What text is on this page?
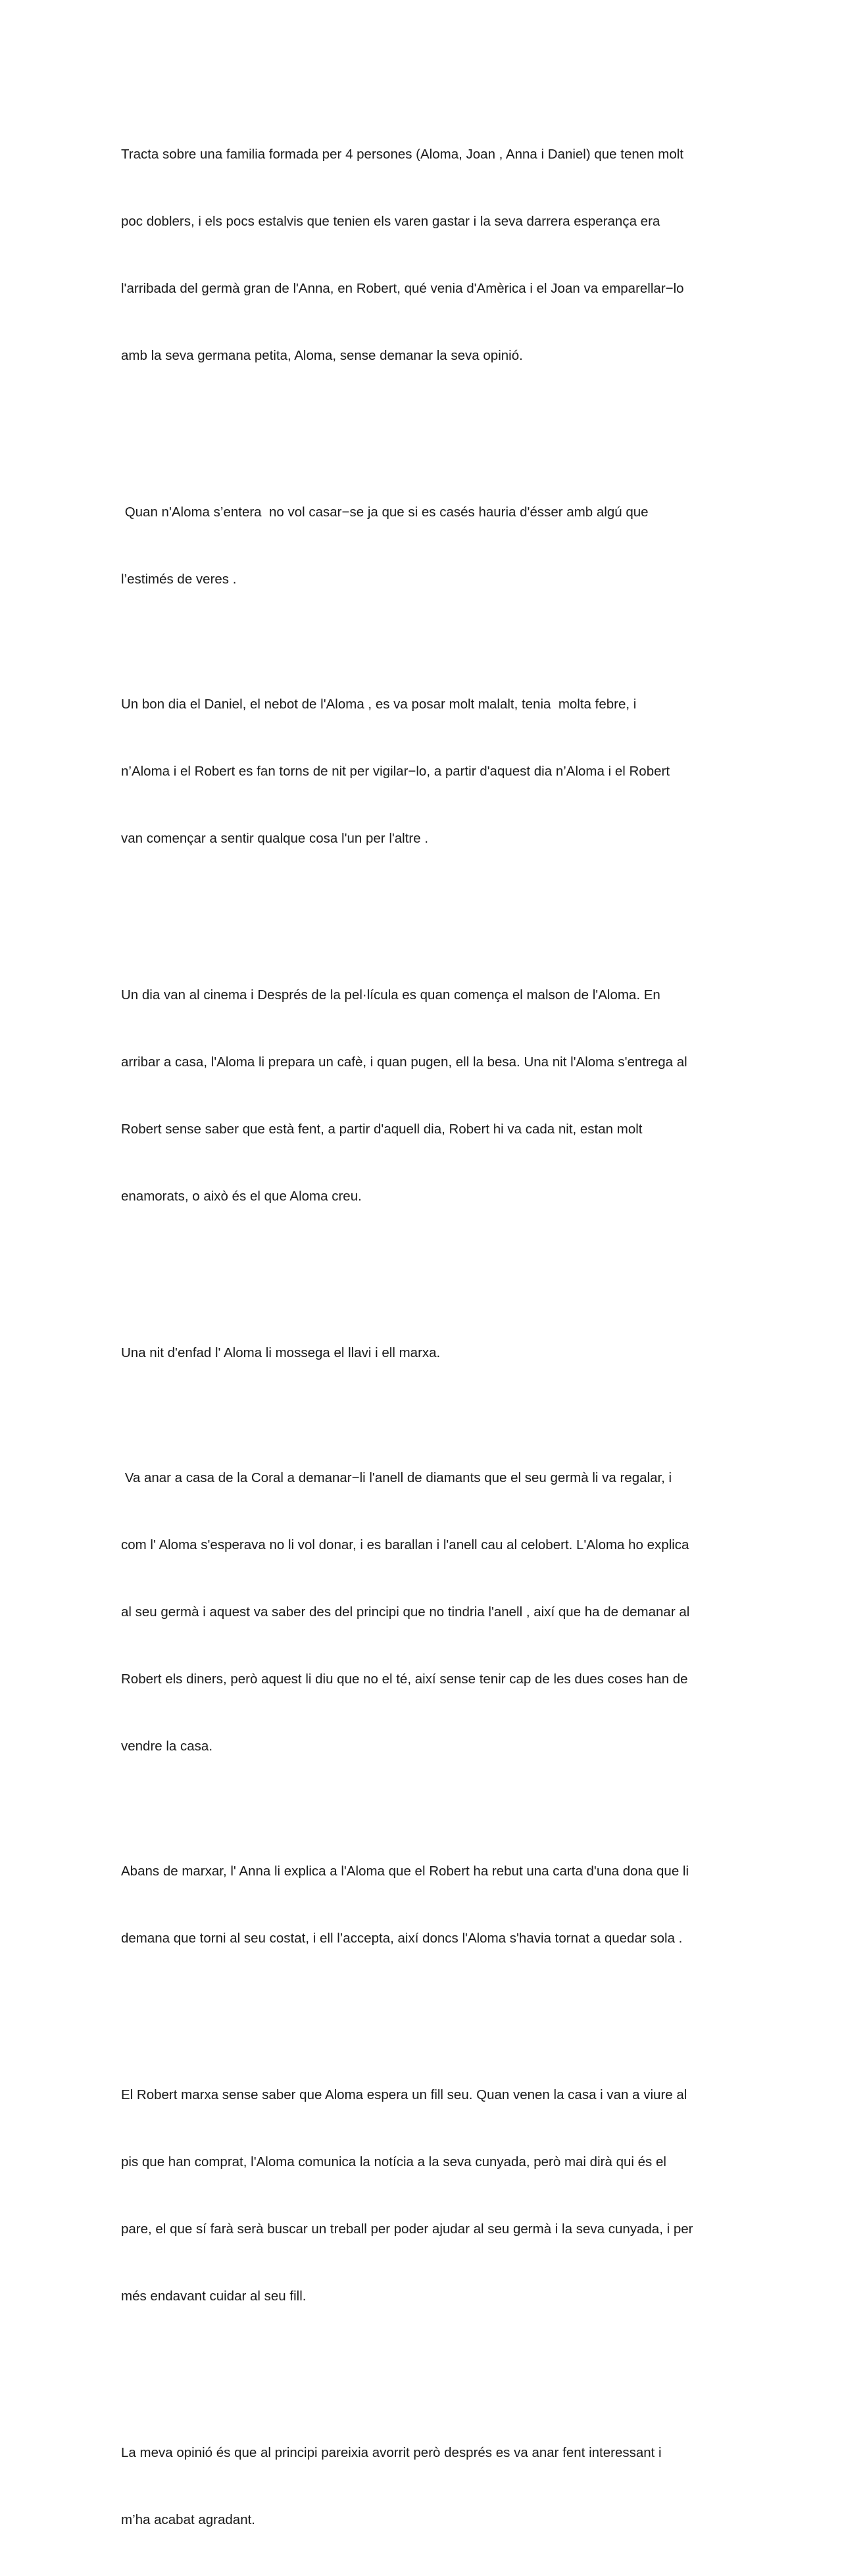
Tracta sobre una familia formada per 4 persones (Aloma, Joan , Anna i Daniel) que tenen molt

poc doblers, i els pocs estalvis que tenien els varen gastar i la seva darrera esperança era

l'arribada del germà gran de l'Anna, en Robert, qué venia d'Amèrica i el Joan va emparellar−lo

amb la seva germana petita, Aloma, sense demanar la seva opinió.

Quan n'Aloma s’entera  no vol casar−se ja que si es casés hauria d'ésser amb algú que

l’estimés de veres .

Un bon dia el Daniel, el nebot de l'Aloma , es va posar molt malalt, tenia  molta febre, i

n’Aloma i el Robert es fan torns de nit per vigilar−lo, a partir d'aquest dia n’Aloma i el Robert

van començar a sentir qualque cosa l'un per l'altre .

Un dia van al cinema i Després de la pel·lícula es quan comença el malson de l'Aloma. En

arribar a casa, l'Aloma li prepara un cafè, i quan pugen, ell la besa. Una nit l'Aloma s'entrega al

Robert sense saber que està fent, a partir d'aquell dia, Robert hi va cada nit, estan molt

enamorats, o això és el que Aloma creu.

Una nit d'enfad l' Aloma li mossega el llavi i ell marxa.

Va anar a casa de la Coral a demanar−li l'anell de diamants que el seu germà li va regalar, i

com l' Aloma s'esperava no li vol donar, i es barallan i l'anell cau al celobert. L'Aloma ho explica

al seu germà i aquest va saber des del principi que no tindria l'anell , així que ha de demanar al

Robert els diners, però aquest li diu que no el té, així sense tenir cap de les dues coses han de

vendre la casa.

Abans de marxar, l' Anna li explica a l'Aloma que el Robert ha rebut una carta d'una dona que li

demana que torni al seu costat, i ell l’accepta, així doncs l'Aloma s'havia tornat a quedar sola .

El Robert marxa sense saber que Aloma espera un fill seu. Quan venen la casa i van a viure al

pis que han comprat, l'Aloma comunica la notícia a la seva cunyada, però mai dirà qui és el

pare, el que sí farà serà buscar un treball per poder ajudar al seu germà i la seva cunyada, i per

més endavant cuidar al seu fill.

La meva opinió és que al principi pareixia avorrit però després es va anar fent interessant i

m’ha acabat agradant.
